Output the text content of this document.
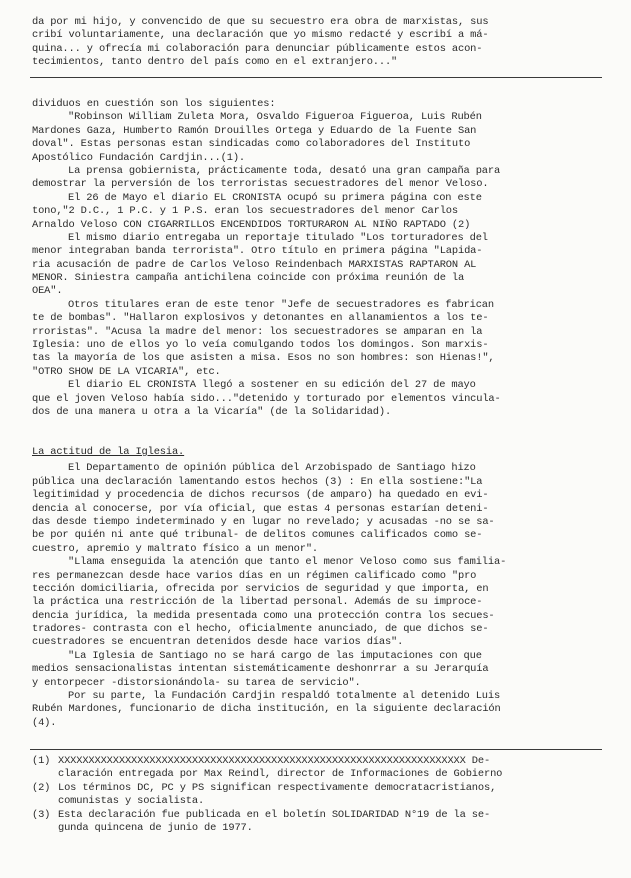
da por mi hijo, y convencido de que su secuestro era obra de marxistas, sus
cribí voluntariamente, una declaración que yo mismo redacté y escribí a má-
quina... y ofrecía mi colaboración para denunciar públicamente estos acon-
tecimientos, tanto dentro del país como en el extranjero..."
dividuos en cuestión son los siguientes:
"Robinson William Zuleta Mora, Osvaldo Figueroa Figueroa, Luis Rubén
Mardones Gaza, Humberto Ramón Drouilles Ortega y Eduardo de la Fuente San
doval". Estas personas estan sindicadas como colaboradores del Instituto
Apostólico Fundación Cardjin...(1).
La prensa gobiernista, prácticamente toda, desató una gran campaña para
demostrar la perversión de los terroristas secuestradores del menor Veloso.
El 26 de Mayo el diario EL CRONISTA ocupó su primera página con este
tono,"2 D.C., 1 P.C. y 1 P.S. eran los secuestradores del menor Carlos
Arnaldo Veloso CON CIGARRILLOS ENCENDIDOS TORTURARON AL NIÑO RAPTADO (2)
El mismo diario entregaba un reportaje titulado "Los torturadores del
menor integraban banda terrorista". Otro título en primera página "Lapida-
ria acusación de padre de Carlos Veloso Reindenbach MARXISTAS RAPTARON AL
MENOR. Siniestra campaña antichilena coincide con próxima reunión de la
OEA".
Otros titulares eran de este tenor "Jefe de secuestradores es fabrican
te de bombas". "Hallaron explosivos y detonantes en allanamientos a los te-
rroristas". "Acusa la madre del menor: los secuestradores se amparan en la
Iglesia: uno de ellos yo lo veía comulgando todos los domingos. Son marxis-
tas la mayoría de los que asisten a misa. Esos no son hombres: son Hienas!",
"OTRO SHOW DE LA VICARIA", etc.
El diario EL CRONISTA llegó a sostener en su edición del 27 de mayo
que el joven Veloso había sido..."detenido y torturado por elementos vincula-
dos de una manera u otra a la Vicaría" (de la Solidaridad).
La actitud de la Iglesia.
El Departamento de opinión pública del Arzobispado de Santiago hizo
pública una declaración lamentando estos hechos (3) : En ella sostiene:"La
legitimidad y procedencia de dichos recursos (de amparo) ha quedado en evi-
dencia al conocerse, por vía oficial, que estas 4 personas estarían deteni-
das desde tiempo indeterminado y en lugar no revelado; y acusadas -no se sa-
be por quién ni ante qué tribunal- de delitos comunes calificados como se-
cuestro, apremio y maltrato físico a un menor".
"Llama enseguida la atención que tanto el menor Veloso como sus familia-
res permanezcan desde hace varios días en un régimen calificado como "pro
tección domiciliaria, ofrecida por servicios de seguridad y que importa, en
la práctica una restricción de la libertad personal. Además de su improce-
dencia jurídica, la medida presentada como una protección contra los secues-
tradores- contrasta con el hecho, oficialmente anunciado, de que dichos se-
cuestradores se encuentran detenidos desde hace varios días".
"La Iglesia de Santiago no se hará cargo de las imputaciones con que
medios sensacionalistas intentan sistemáticamente deshonrrar a su Jerarquía
y entorpecer -distorsionándola- su tarea de servicio".
Por su parte, la Fundación Cardjin respaldó totalmente al detenido Luis
Rubén Mardones, funcionario de dicha institución, en la siguiente declaración
(4).
(1) XXXXXXXXXXXXXXXXXXXXXXXXXXXXXXXXXXXXXXXXXXXXXXXXXXXXXXXXXXXXXXXXXXX De-
claración entregada por Max Reindl, director de Informaciones de Gobierno
(2) Los términos DC, PC y PS significan respectivamente democratacristianos,
comunistas y socialista.
(3) Esta declaración fue publicada en el boletín SOLIDARIDAD N°19 de la se-
gunda quincena de junio de 1977.
